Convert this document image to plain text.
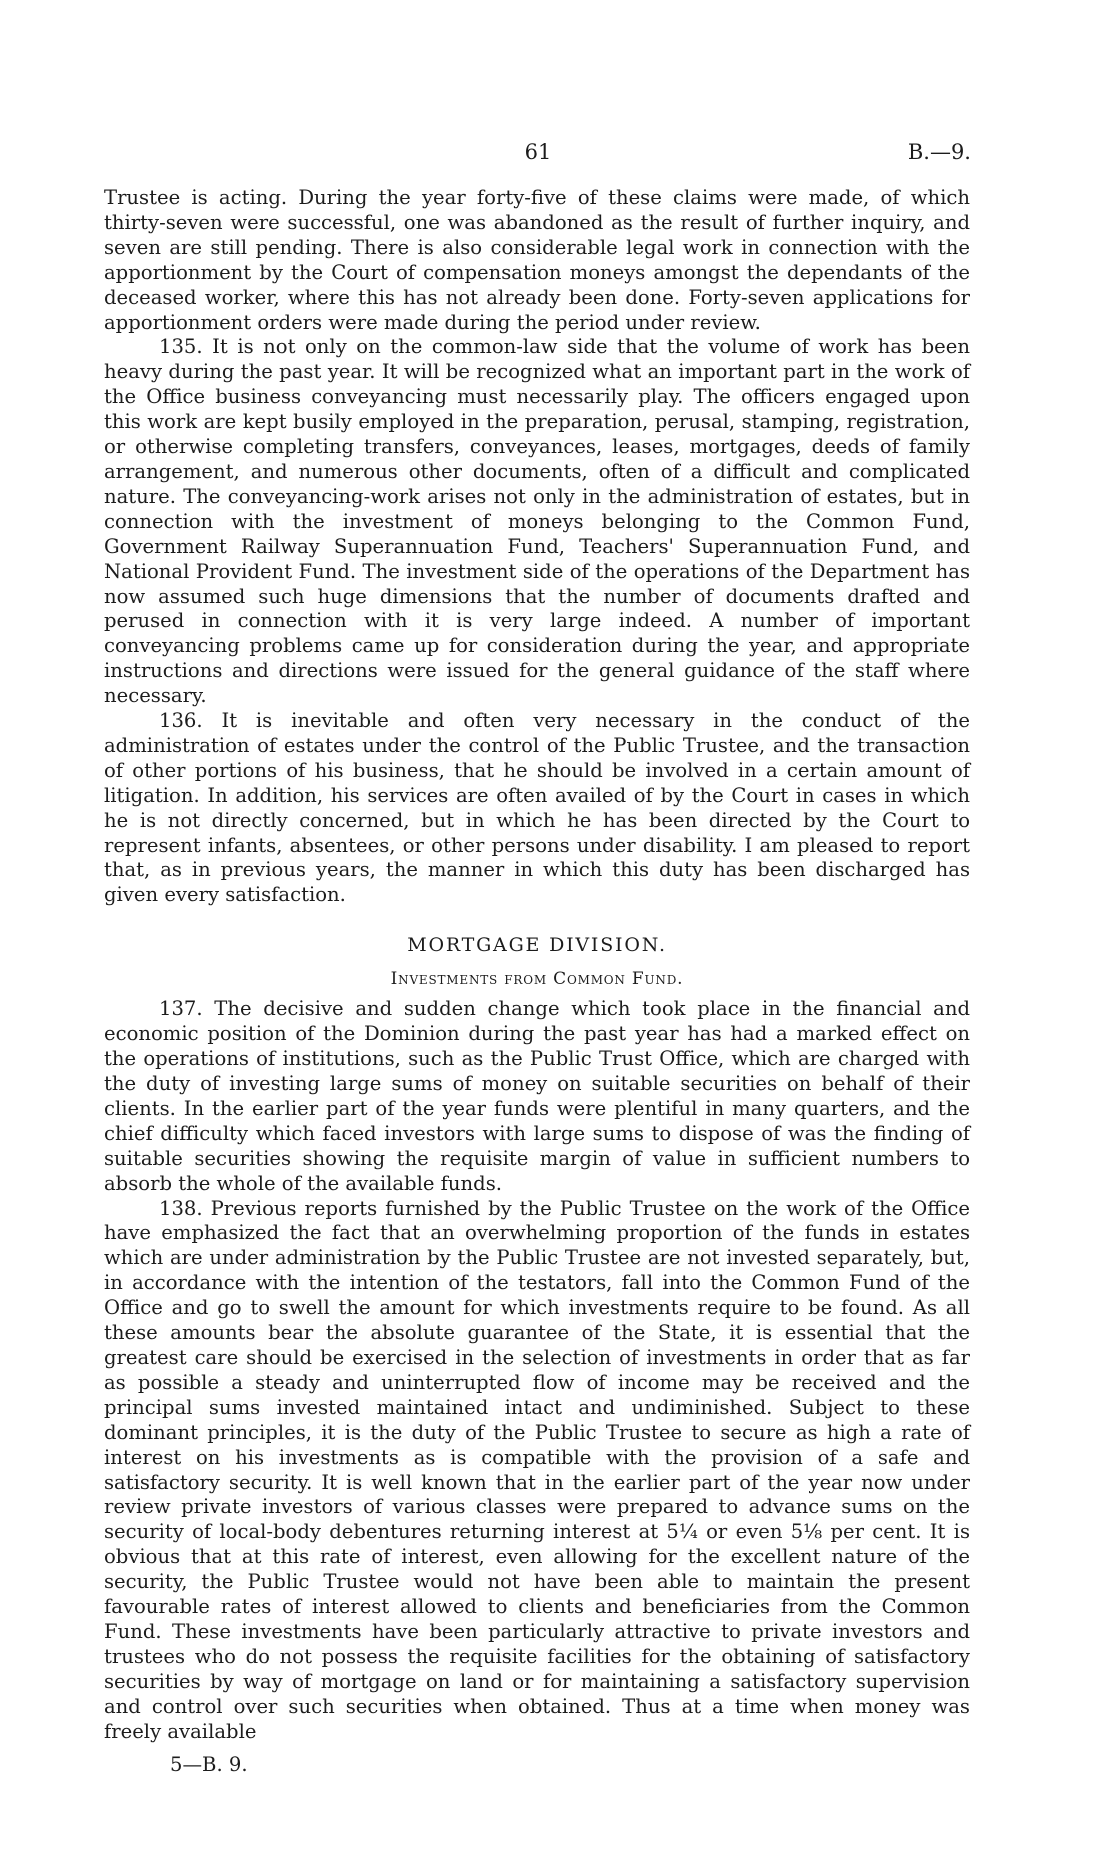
61	B.—9.

Trustee is acting. During the year forty-five of these claims were made, of which thirty-seven were successful, one was abandoned as the result of further inquiry, and seven are still pending. There is also considerable legal work in connection with the apportionment by the Court of compensation moneys amongst the dependants of the deceased worker, where this has not already been done. Forty-seven applications for apportionment orders were made during the period under review.

135. It is not only on the common-law side that the volume of work has been heavy during the past year. It will be recognized what an important part in the work of the Office business conveyancing must necessarily play. The officers engaged upon this work are kept busily employed in the preparation, perusal, stamping, registration, or otherwise completing transfers, conveyances, leases, mortgages, deeds of family arrangement, and numerous other documents, often of a difficult and complicated nature. The conveyancing-work arises not only in the administration of estates, but in connection with the investment of moneys belonging to the Common Fund, Government Railway Superannuation Fund, Teachers' Superannuation Fund, and National Provident Fund. The investment side of the operations of the Department has now assumed such huge dimensions that the number of documents drafted and perused in connection with it is very large indeed. A number of important conveyancing problems came up for consideration during the year, and appropriate instructions and directions were issued for the general guidance of the staff where necessary.

136. It is inevitable and often very necessary in the conduct of the administration of estates under the control of the Public Trustee, and the transaction of other portions of his business, that he should be involved in a certain amount of litigation. In addition, his services are often availed of by the Court in cases in which he is not directly concerned, but in which he has been directed by the Court to represent infants, absentees, or other persons under disability. I am pleased to report that, as in previous years, the manner in which this duty has been discharged has given every satisfaction.

MORTGAGE DIVISION.
Investments from Common Fund.

137. The decisive and sudden change which took place in the financial and economic position of the Dominion during the past year has had a marked effect on the operations of institutions, such as the Public Trust Office, which are charged with the duty of investing large sums of money on suitable securities on behalf of their clients. In the earlier part of the year funds were plentiful in many quarters, and the chief difficulty which faced investors with large sums to dispose of was the finding of suitable securities showing the requisite margin of value in sufficient numbers to absorb the whole of the available funds.

138. Previous reports furnished by the Public Trustee on the work of the Office have emphasized the fact that an overwhelming proportion of the funds in estates which are under administration by the Public Trustee are not invested separately, but, in accordance with the intention of the testators, fall into the Common Fund of the Office and go to swell the amount for which investments require to be found. As all these amounts bear the absolute guarantee of the State, it is essential that the greatest care should be exercised in the selection of investments in order that as far as possible a steady and uninterrupted flow of income may be received and the principal sums invested maintained intact and undiminished. Subject to these dominant principles, it is the duty of the Public Trustee to secure as high a rate of interest on his investments as is compatible with the provision of a safe and satisfactory security. It is well known that in the earlier part of the year now under review private investors of various classes were prepared to advance sums on the security of local-body debentures returning interest at 5¼ or even 5⅛ per cent. It is obvious that at this rate of interest, even allowing for the excellent nature of the security, the Public Trustee would not have been able to maintain the present favourable rates of interest allowed to clients and beneficiaries from the Common Fund. These investments have been particularly attractive to private investors and trustees who do not possess the requisite facilities for the obtaining of satisfactory securities by way of mortgage on land or for maintaining a satisfactory supervision and control over such securities when obtained. Thus at a time when money was freely available

5—B. 9.
